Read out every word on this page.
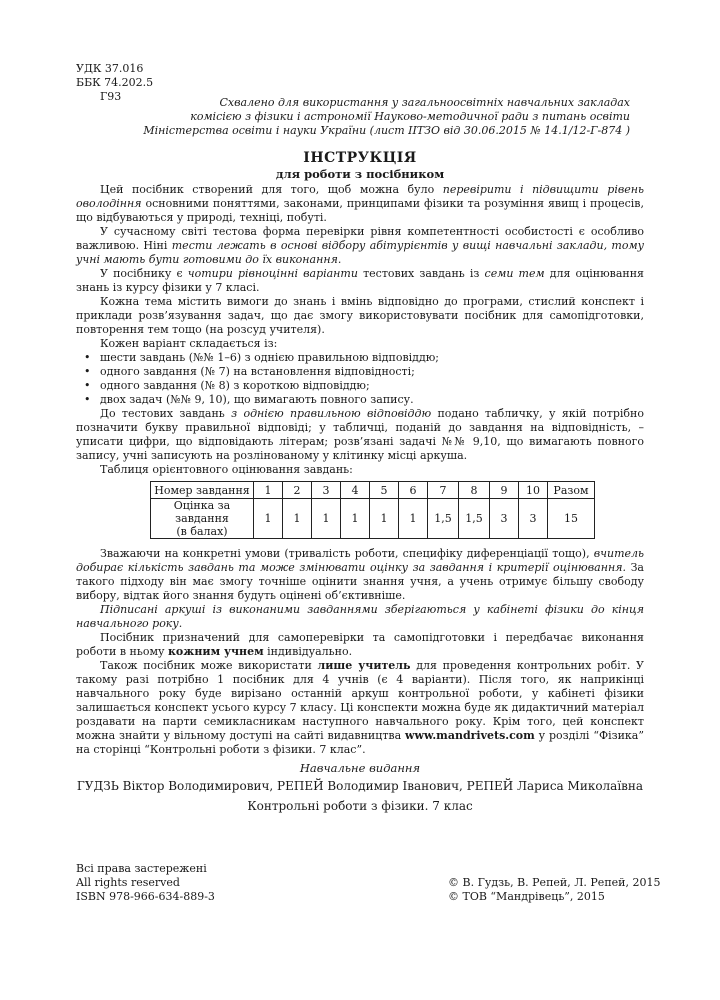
УДК 37.016
ББК 74.202.5
Г93	Схвалено для використання у загальноосвітніх навчальних закладах
комісією з фізики і астрономії Науково-методичної ради з питань освіти
Міністерства освіти і науки України (лист ІІТЗО від 30.06.2015 № 14.1/12-Г-874 )
ІНСТРУКЦІЯ
для роботи з посібником

Цей посібник створений для того, щоб можна було перевірити і підвищити рівень оволодіння основними поняттями, законами, принципами фізики та розуміння явищ і процесів, що відбуваються у природі, техніці, побуті.

У сучасному світі тестова форма перевірки рівня компетентності особистості є особливо важливою. Ніні тести лежать в основі відбору абітурієнтів у вищі навчальні заклади, тому учні мають бути готовими до їх виконання.

У посібнику є чотири рівноцінні варіанти тестових завдань із семи тем для оцінювання знань із курсу фізики у 7 класі.

Кожна тема містить вимоги до знань і вмінь відповідно до програми, стислий конспект і приклади розв’язування задач, що дає змогу використовувати посібник для самопідготовки, повторення тем тощо (на розсуд учителя).

Кожен варіант складається із:

• шести завдань (№№ 1–6) з однією правильною відповіддю;
• одного завдання (№ 7) на встановлення відповідності;
• одного завдання (№ 8) з короткою відповіддю;
• двох задач (№№ 9, 10), що вимагають повного запису.

До тестових завдань з однією правильною відповіддю подано табличку, у якій потрібно позначити букву правильної відповіді; у табличці, поданій до завдання на відповідність, – уписати цифри, що відповідають літерам; розв’язані задачі №№ 9,10, що вимагають повного запису, учні записують на розлінованому у клітинку місці аркуша.

Таблиця орієнтовного оцінювання завдань:

Номер завдання	1	2	3	4	5	6	7	8	9	10	Разом

Оцінка за
завдання
(в балах)	1	1	1	1	1	1	1,5	1,5	3	3	15

Зважаючи на конкретні умови (тривалість роботи, специфіку диференціації тощо), вчитель добирає кількість завдань та може змінювати оцінку за завдання і критерії оцінювання. За такого підходу він має змогу точніше оцінити знання учня, а учень отримує більшу свободу вибору, відтак його знання будуть оцінені об’єктивніше.

Підписані аркуші із виконаними завданнями зберігаються у кабінеті фізики до кінця навчального року.

Посібник призначений для самоперевірки та самопідготовки і передбачає виконання роботи в ньому кожним учнем індивідуально.

Також посібник може використати лише учитель для проведення контрольних робіт. У такому разі потрібно 1 посібник для 4 учнів (є 4 варіанти). Після того, як наприкінці навчального року буде вирізано останній аркуш контрольної роботи, у кабінеті фізики залишається конспект усього курсу 7 класу. Ці конспекти можна буде як дидактичний матеріал роздавати на парти семикласникам наступного навчального року. Крім того, цей конспект можна знайти у вільному доступі на сайті видавництва www.mandrivets.com у розділі “Фізика” на сторінці “Контрольні роботи з фізики. 7 клас”.

Навчальне видання
ГУДЗЬ Віктор Володимирович, РЕПЕЙ Володимир Іванович, РЕПЕЙ Лариса Миколаївна
Контрольні роботи з фізики. 7 клас
Всі права застережені
All rights reserved
ISBN 978-966-634-889-3
© В. Гудзь, В. Репей, Л. Репей, 2015
© ТОВ “Мандрівець”, 2015
